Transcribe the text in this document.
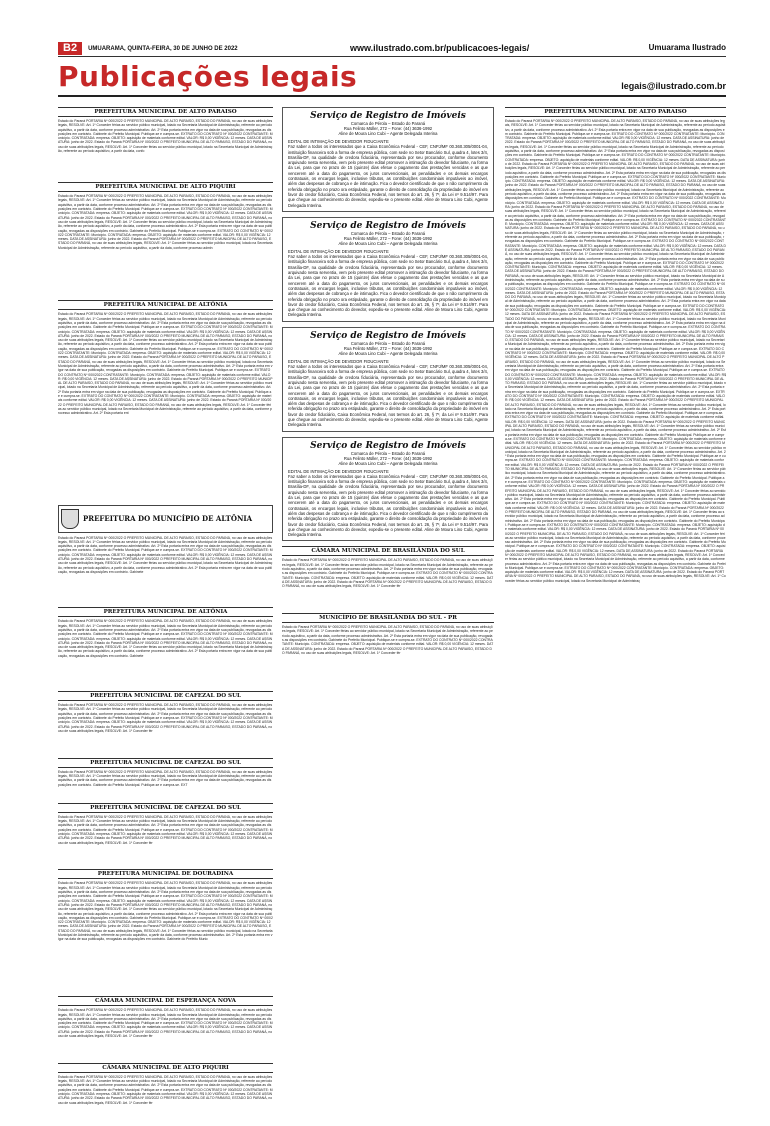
B2	UMUARAMA, QUINTA-FEIRA, 30 DE JUNHO DE 2022	www.ilustrado.com.br/publicacoes-legais/	Umuarama Ilustrado
Publicações legais	legais@ilustrado.com.br
PREFEITURA MUNICIPAL DE ALTO PARAISO
Estado do Paraná PORTARIA Nº 000/2022 O PREFEITO MUNICIPAL DE ALTO PARAISO, ESTADO DO PARANÁ, no uso de suas atribuições legais, RESOLVE: Art. 1º Conceder férias ao servidor público municipal, lotado na Secretaria Municipal de Administração, referente ao período aquisitivo, a partir da data, conforme processo administrativo. Art. 2º Esta portaria entra em vigor na data de sua publicação, revogadas as disposições em contrário. Gabinete do Prefeito Municipal. Publique-se e cumpra-se. EXTRATO DO CONTRATO Nº 000/2022 CONTRATANTE: Município. CONTRATADA: empresa. OBJETO: aquisição de materiais conforme edital. VALOR: R$ 0,00 VIGÊNCIA: 12 meses. DATA DE ASSINATURA: junho de 2022. Estado do Paraná PORTARIA Nº 000/2022 O PREFEITO MUNICIPAL DE ALTO PARAISO, ESTADO DO PARANÁ, no uso de suas atribuições legais, RESOLVE: Art. 1º Conceder férias ao servidor público municipal, lotado na Secretaria Municipal de Administração, referente ao período aquisitivo, a partir da data, confo
PREFEITURA MUNICIPAL DE ALTO PIQUIRI
Estado do Paraná PORTARIA Nº 000/2022 O PREFEITO MUNICIPAL DE ALTO PARAISO, ESTADO DO PARANÁ, no uso de suas atribuições legais, RESOLVE: Art. 1º Conceder férias ao servidor público municipal, lotado na Secretaria Municipal de Administração, referente ao período aquisitivo, a partir da data, conforme processo administrativo. Art. 2º Esta portaria entra em vigor na data de sua publicação, revogadas as disposições em contrário. Gabinete do Prefeito Municipal. Publique-se e cumpra-se. EXTRATO DO CONTRATO Nº 000/2022 CONTRATANTE: Município. CONTRATADA: empresa. OBJETO: aquisição de materiais conforme edital. VALOR: R$ 0,00 VIGÊNCIA: 12 meses. DATA DE ASSINATURA: junho de 2022. Estado do Paraná PORTARIA Nº 000/2022 O PREFEITO MUNICIPAL DE ALTO PARAISO, ESTADO DO PARANÁ, no uso de suas atribuições legais, RESOLVE: Art. 1º Conceder férias ao servidor público municipal, lotado na Secretaria Municipal de Administração, referente ao período aquisitivo, a partir da data, conforme processo administrativo. Art. 2º Esta portaria entra em vigor na data de sua publicação, revogadas as disposições em contrário. Gabinete do Prefeito Municipal. Publique-se e cumpra-se. EXTRATO DO CONTRATO Nº 000/2022 CONTRATANTE: Município. CONTRATADA: empresa. OBJETO: aquisição de materiais conforme edital. VALOR: R$ 0,00 VIGÊNCIA: 12 meses. DATA DE ASSINATURA: junho de 2022. Estado do Paraná PORTARIA Nº 000/2022 O PREFEITO MUNICIPAL DE ALTO PARAISO, ESTADO DO PARANÁ, no uso de suas atribuições legais, RESOLVE: Art. 1º Conceder férias ao servidor público municipal, lotado na Secretaria Municipal de Administração, referente ao período aquisitivo, a partir da data, conforme processo admin
PREFEITURA MUNICIPAL DE ALTÔNIA
Estado do Paraná PORTARIA Nº 000/2022 O PREFEITO MUNICIPAL DE ALTO PARAISO, ESTADO DO PARANÁ, no uso de suas atribuições legais, RESOLVE: Art. 1º Conceder férias ao servidor público municipal, lotado na Secretaria Municipal de Administração, referente ao período aquisitivo, a partir da data, conforme processo administrativo. Art. 2º Esta portaria entra em vigor na data de sua publicação, revogadas as disposições em contrário. Gabinete do Prefeito Municipal. Publique-se e cumpra-se. EXTRATO DO CONTRATO Nº 000/2022 CONTRATANTE: Município. CONTRATADA: empresa. OBJETO: aquisição de materiais conforme edital. VALOR: R$ 0,00 VIGÊNCIA: 12 meses. DATA DE ASSINATURA: junho de 2022. Estado do Paraná PORTARIA Nº 000/2022 O PREFEITO MUNICIPAL DE ALTO PARAISO, ESTADO DO PARANÁ, no uso de suas atribuições legais, RESOLVE: Art. 1º Conceder férias ao servidor público municipal, lotado na Secretaria Municipal de Administração, referente ao período aquisitivo, a partir da data, conforme processo administrativo. Art. 2º Esta portaria entra em vigor na data de sua publicação, revogadas as disposições em contrário. Gabinete do Prefeito Municipal. Publique-se e cumpra-se. EXTRATO DO CONTRATO Nº 000/2022 CONTRATANTE: Município. CONTRATADA: empresa. OBJETO: aquisição de materiais conforme edital. VALOR: R$ 0,00 VIGÊNCIA: 12 meses. DATA DE ASSINATURA: junho de 2022. Estado do Paraná PORTARIA Nº 000/2022 O PREFEITO MUNICIPAL DE ALTO PARAISO, ESTADO DO PARANÁ, no uso de suas atribuições legais, RESOLVE: Art. 1º Conceder férias ao servidor público municipal, lotado na Secretaria Municipal de Administração, referente ao período aquisitivo, a partir da data, conforme processo administrativo. Art. 2º Esta portaria entra em vigor na data de sua publicação, revogadas as disposições em contrário. Gabinete do Prefeito Municipal. Publique-se e cumpra-se. EXTRATO DO CONTRATO Nº 000/2022 CONTRATANTE: Município. CONTRATADA: empresa. OBJETO: aquisição de materiais conforme edital. VALOR: R$ 0,00 VIGÊNCIA: 12 meses. DATA DE ASSINATURA: junho de 2022. Estado do Paraná PORTARIA Nº 000/2022 O PREFEITO MUNICIPAL DE ALTO PARAISO, ESTADO DO PARANÁ, no uso de suas atribuições legais, RESOLVE: Art. 1º Conceder férias ao servidor público municipal, lotado na Secretaria Municipal de Administração, referente ao período aquisitivo, a partir da data, conforme processo administrativo. Art. 2º Esta portaria entra em vigor na data de sua publicação, revogadas as disposições em contrário. Gabinete do Prefeito Municipal. Publique-se e cumpra-se. EXTRATO DO CONTRATO Nº 000/2022 CONTRATANTE: Município. CONTRATADA: empresa. OBJETO: aquisição de materiais conforme edital. VALOR: R$ 0,00 VIGÊNCIA: 12 meses. DATA DE ASSINATURA: junho de 2022. Estado do Paraná PORTARIA Nº 000/2022 O PREFEITO MUNICIPAL DE ALTO PARAISO, ESTADO DO PARANÁ, no uso de suas atribuições legais, RESOLVE: Art. 1º Conceder férias ao servidor público municipal, lotado na Secretaria Municipal de Administração, referente ao período aquisitivo, a partir da data, conforme processo administrativo. Art. 2º Esta portaria ent
PREFEITURA DO MUNICÍPIO DE ALTÔNIA
Estado do Paraná PORTARIA Nº 000/2022 O PREFEITO MUNICIPAL DE ALTO PARAISO, ESTADO DO PARANÁ, no uso de suas atribuições legais, RESOLVE: Art. 1º Conceder férias ao servidor público municipal, lotado na Secretaria Municipal de Administração, referente ao período aquisitivo, a partir da data, conforme processo administrativo. Art. 2º Esta portaria entra em vigor na data de sua publicação, revogadas as disposições em contrário. Gabinete do Prefeito Municipal. Publique-se e cumpra-se. EXTRATO DO CONTRATO Nº 000/2022 CONTRATANTE: Município. CONTRATADA: empresa. OBJETO: aquisição de materiais conforme edital. VALOR: R$ 0,00 VIGÊNCIA: 12 meses. DATA DE ASSINATURA: junho de 2022. Estado do Paraná PORTARIA Nº 000/2022 O PREFEITO MUNICIPAL DE ALTO PARAISO, ESTADO DO PARANÁ, no uso de suas atribuições legais, RESOLVE: Art. 1º Conceder férias ao servidor público municipal, lotado na Secretaria Municipal de Administração, referente ao período aquisitivo, a partir da data, conforme processo administrativo. Art. 2º Esta portaria entra em vigor na data de sua publicação, revogadas as disposições em contrário. Gabinete
PREFEITURA MUNICIPAL DE ALTÔNIA
Estado do Paraná PORTARIA Nº 000/2022 O PREFEITO MUNICIPAL DE ALTO PARAISO, ESTADO DO PARANÁ, no uso de suas atribuições legais, RESOLVE: Art. 1º Conceder férias ao servidor público municipal, lotado na Secretaria Municipal de Administração, referente ao período aquisitivo, a partir da data, conforme processo administrativo. Art. 2º Esta portaria entra em vigor na data de sua publicação, revogadas as disposições em contrário. Gabinete do Prefeito Municipal. Publique-se e cumpra-se. EXTRATO DO CONTRATO Nº 000/2022 CONTRATANTE: Município. CONTRATADA: empresa. OBJETO: aquisição de materiais conforme edital. VALOR: R$ 0,00 VIGÊNCIA: 12 meses. DATA DE ASSINATURA: junho de 2022. Estado do Paraná PORTARIA Nº 000/2022 O PREFEITO MUNICIPAL DE ALTO PARAISO, ESTADO DO PARANÁ, no uso de suas atribuições legais, RESOLVE: Art. 1º Conceder férias ao servidor público municipal, lotado na Secretaria Municipal de Administração, referente ao período aquisitivo, a partir da data, conforme processo administrativo. Art. 2º Esta portaria entra em vigor na data de sua publicação, revogadas as disposições em contrário. Gabinete
PREFEITURA MUNICIPAL DE CAFEZAL DO SUL
Estado do Paraná PORTARIA Nº 000/2022 O PREFEITO MUNICIPAL DE ALTO PARAISO, ESTADO DO PARANÁ, no uso de suas atribuições legais, RESOLVE: Art. 1º Conceder férias ao servidor público municipal, lotado na Secretaria Municipal de Administração, referente ao período aquisitivo, a partir da data, conforme processo administrativo. Art. 2º Esta portaria entra em vigor na data de sua publicação, revogadas as disposições em contrário. Gabinete do Prefeito Municipal. Publique-se e cumpra-se. EXTRATO DO CONTRATO Nº 000/2022 CONTRATANTE: Município. CONTRATADA: empresa. OBJETO: aquisição de materiais conforme edital. VALOR: R$ 0,00 VIGÊNCIA: 12 meses. DATA DE ASSINATURA: junho de 2022. Estado do Paraná PORTARIA Nº 000/2022 O PREFEITO MUNICIPAL DE ALTO PARAISO, ESTADO DO PARANÁ, no uso de suas atribuições legais, RESOLVE: Art. 1º Conceder fér
PREFEITURA MUNICIPAL DE CAFEZAL DO SUL
Estado do Paraná PORTARIA Nº 000/2022 O PREFEITO MUNICIPAL DE ALTO PARAISO, ESTADO DO PARANÁ, no uso de suas atribuições legais, RESOLVE: Art. 1º Conceder férias ao servidor público municipal, lotado na Secretaria Municipal de Administração, referente ao período aquisitivo, a partir da data, conforme processo administrativo. Art. 2º Esta portaria entra em vigor na data de sua publicação, revogadas as disposições em contrário. Gabinete do Prefeito Municipal. Publique-se e cumpra-se. EXT
PREFEITURA MUNICIPAL DE CAFEZAL DO SUL
Estado do Paraná PORTARIA Nº 000/2022 O PREFEITO MUNICIPAL DE ALTO PARAISO, ESTADO DO PARANÁ, no uso de suas atribuições legais, RESOLVE: Art. 1º Conceder férias ao servidor público municipal, lotado na Secretaria Municipal de Administração, referente ao período aquisitivo, a partir da data, conforme processo administrativo. Art. 2º Esta portaria entra em vigor na data de sua publicação, revogadas as disposições em contrário. Gabinete do Prefeito Municipal. Publique-se e cumpra-se. EXTRATO DO CONTRATO Nº 000/2022 CONTRATANTE: Município. CONTRATADA: empresa. OBJETO: aquisição de materiais conforme edital. VALOR: R$ 0,00 VIGÊNCIA: 12 meses. DATA DE ASSINATURA: junho de 2022. Estado do Paraná PORTARIA Nº 000/2022 O PREFEITO MUNICIPAL DE ALTO PARAISO, ESTADO DO PARANÁ, no uso de suas atribuições legais, RESOLVE: Art. 1º Conceder fér
PREFEITURA MUNICIPAL DE DOURADINA
Estado do Paraná PORTARIA Nº 000/2022 O PREFEITO MUNICIPAL DE ALTO PARAISO, ESTADO DO PARANÁ, no uso de suas atribuições legais, RESOLVE: Art. 1º Conceder férias ao servidor público municipal, lotado na Secretaria Municipal de Administração, referente ao período aquisitivo, a partir da data, conforme processo administrativo. Art. 2º Esta portaria entra em vigor na data de sua publicação, revogadas as disposições em contrário. Gabinete do Prefeito Municipal. Publique-se e cumpra-se. EXTRATO DO CONTRATO Nº 000/2022 CONTRATANTE: Município. CONTRATADA: empresa. OBJETO: aquisição de materiais conforme edital. VALOR: R$ 0,00 VIGÊNCIA: 12 meses. DATA DE ASSINATURA: junho de 2022. Estado do Paraná PORTARIA Nº 000/2022 O PREFEITO MUNICIPAL DE ALTO PARAISO, ESTADO DO PARANÁ, no uso de suas atribuições legais, RESOLVE: Art. 1º Conceder férias ao servidor público municipal, lotado na Secretaria Municipal de Administração, referente ao período aquisitivo, a partir da data, conforme processo administrativo. Art. 2º Esta portaria entra em vigor na data de sua publicação, revogadas as disposições em contrário. Gabinete do Prefeito Municipal. Publique-se e cumpra-se. EXTRATO DO CONTRATO Nº 000/2022 CONTRATANTE: Município. CONTRATADA: empresa. OBJETO: aquisição de materiais conforme edital. VALOR: R$ 0,00 VIGÊNCIA: 12 meses. DATA DE ASSINATURA: junho de 2022. Estado do Paraná PORTARIA Nº 000/2022 O PREFEITO MUNICIPAL DE ALTO PARAISO, ESTADO DO PARANÁ, no uso de suas atribuições legais, RESOLVE: Art. 1º Conceder férias ao servidor público municipal, lotado na Secretaria Municipal de Administração, referente ao período aquisitivo, a partir da data, conforme processo administrativo. Art. 2º Esta portaria entra em vigor na data de sua publicação, revogadas as disposições em contrário. Gabinete do Prefeito Munic
CÂMARA MUNICIPAL DE ESPERANÇA NOVA
Estado do Paraná PORTARIA Nº 000/2022 O PREFEITO MUNICIPAL DE ALTO PARAISO, ESTADO DO PARANÁ, no uso de suas atribuições legais, RESOLVE: Art. 1º Conceder férias ao servidor público municipal, lotado na Secretaria Municipal de Administração, referente ao período aquisitivo, a partir da data, conforme processo administrativo. Art. 2º Esta portaria entra em vigor na data de sua publicação, revogadas as disposições em contrário. Gabinete do Prefeito Municipal. Publique-se e cumpra-se. EXTRATO DO CONTRATO Nº 000/2022 CONTRATANTE: Município. CONTRATADA: empresa. OBJETO: aquisição de materiais conforme edital. VALOR: R$ 0,00 VIGÊNCIA: 12 meses. DATA DE ASSINATURA: junho de 2022. Estado do Paraná PORTARIA Nº 000/2022 O PREFEITO MUNICIPAL DE ALTO PARAISO, ESTADO DO PARANÁ, no uso de suas atribuições legais, RESOLVE: Art. 1º Conceder fér
CÂMARA MUNICIPAL DE ALTO PIQUIRI
Estado do Paraná PORTARIA Nº 000/2022 O PREFEITO MUNICIPAL DE ALTO PARAISO, ESTADO DO PARANÁ, no uso de suas atribuições legais, RESOLVE: Art. 1º Conceder férias ao servidor público municipal, lotado na Secretaria Municipal de Administração, referente ao período aquisitivo, a partir da data, conforme processo administrativo. Art. 2º Esta portaria entra em vigor na data de sua publicação, revogadas as disposições em contrário. Gabinete do Prefeito Municipal. Publique-se e cumpra-se. EXTRATO DO CONTRATO Nº 000/2022 CONTRATANTE: Município. CONTRATADA: empresa. OBJETO: aquisição de materiais conforme edital. VALOR: R$ 0,00 VIGÊNCIA: 12 meses. DATA DE ASSINATURA: junho de 2022. Estado do Paraná PORTARIA Nº 000/2022 O PREFEITO MUNICIPAL DE ALTO PARAISO, ESTADO DO PARANÁ, no uso de suas atribuições legais, RESOLVE: Art. 1º Conceder fér
Serviço de Registro de Imóveis
Comarca de Pérola – Estado do Paraná
Rua Felinto Müller, 272 – Fone: (44) 3636-1992
Aline de Moura Lino Cubi – Agente Delegada Interina
EDITAL DE INTIMAÇÃO DE DEVEDOR FIDUCIANTE
Faz saber a todos os interessados que a Caixa Econômica Federal - CEF, CNPJ/MF 00.360.305/0001-04, instituição financeira sob a forma de empresa pública, com sede no Setor Bancário Sul, quadra 4, lotes 3/4, Brasília-DF, na qualidade de credora fiduciária, representada por seu procurador, conforme documento arquivado nesta serventia, vem pelo presente edital promover a intimação do devedor fiduciante, na forma da Lei, para que no prazo de 15 (quinze) dias efetue o pagamento das prestações vencidas e as que vencerem até a data do pagamento, os juros convencionais, as penalidades e os demais encargos contratuais, os encargos legais, inclusive tributos, as contribuições condominiais imputáveis ao imóvel, além das despesas de cobrança e de intimação. Fica o devedor cientificado de que o não cumprimento da referida obrigação no prazo ora estipulado, garante o direito de consolidação da propriedade do imóvel em favor do credor fiduciário, Caixa Econômica Federal, nos termos do art. 26, § 7º, da Lei nº 9.514/97. Para que chegue ao conhecimento do devedor, expediu-se o presente edital. Aline de Moura Lino Cubi, Agente Delegada Interina.
Serviço de Registro de Imóveis
Comarca de Pérola – Estado do Paraná
Rua Felinto Müller, 272 – Fone: (44) 3636-1992
Aline de Moura Lino Cubi – Agente Delegada Interina
EDITAL DE INTIMAÇÃO DE DEVEDOR FIDUCIANTE
Faz saber a todos os interessados que a Caixa Econômica Federal - CEF, CNPJ/MF 00.360.305/0001-04, instituição financeira sob a forma de empresa pública, com sede no Setor Bancário Sul, quadra 4, lotes 3/4, Brasília-DF, na qualidade de credora fiduciária, representada por seu procurador, conforme documento arquivado nesta serventia, vem pelo presente edital promover a intimação do devedor fiduciante, na forma da Lei, para que no prazo de 15 (quinze) dias efetue o pagamento das prestações vencidas e as que vencerem até a data do pagamento, os juros convencionais, as penalidades e os demais encargos contratuais, os encargos legais, inclusive tributos, as contribuições condominiais imputáveis ao imóvel, além das despesas de cobrança e de intimação. Fica o devedor cientificado de que o não cumprimento da referida obrigação no prazo ora estipulado, garante o direito de consolidação da propriedade do imóvel em favor do credor fiduciário, Caixa Econômica Federal, nos termos do art. 26, § 7º, da Lei nº 9.514/97. Para que chegue ao conhecimento do devedor, expediu-se o presente edital. Aline de Moura Lino Cubi, Agente Delegada Interina.
Serviço de Registro de Imóveis
Comarca de Pérola – Estado do Paraná
Rua Felinto Müller, 272 – Fone: (44) 3636-1992
Aline de Moura Lino Cubi – Agente Delegada Interina
EDITAL DE INTIMAÇÃO DE DEVEDOR FIDUCIANTE
Faz saber a todos os interessados que a Caixa Econômica Federal - CEF, CNPJ/MF 00.360.305/0001-04, instituição financeira sob a forma de empresa pública, com sede no Setor Bancário Sul, quadra 4, lotes 3/4, Brasília-DF, na qualidade de credora fiduciária, representada por seu procurador, conforme documento arquivado nesta serventia, vem pelo presente edital promover a intimação do devedor fiduciante, na forma da Lei, para que no prazo de 15 (quinze) dias efetue o pagamento das prestações vencidas e as que vencerem até a data do pagamento, os juros convencionais, as penalidades e os demais encargos contratuais, os encargos legais, inclusive tributos, as contribuições condominiais imputáveis ao imóvel, além das despesas de cobrança e de intimação. Fica o devedor cientificado de que o não cumprimento da referida obrigação no prazo ora estipulado, garante o direito de consolidação da propriedade do imóvel em favor do credor fiduciário, Caixa Econômica Federal, nos termos do art. 26, § 7º, da Lei nº 9.514/97. Para que chegue ao conhecimento do devedor, expediu-se o presente edital. Aline de Moura Lino Cubi, Agente Delegada Interina.
Serviço de Registro de Imóveis
Comarca de Pérola – Estado do Paraná
Rua Felinto Müller, 272 – Fone: (44) 3636-1992
Aline de Moura Lino Cubi – Agente Delegada Interina
EDITAL DE INTIMAÇÃO DE DEVEDOR FIDUCIANTE
Faz saber a todos os interessados que a Caixa Econômica Federal - CEF, CNPJ/MF 00.360.305/0001-04, instituição financeira sob a forma de empresa pública, com sede no Setor Bancário Sul, quadra 4, lotes 3/4, Brasília-DF, na qualidade de credora fiduciária, representada por seu procurador, conforme documento arquivado nesta serventia, vem pelo presente edital promover a intimação do devedor fiduciante, na forma da Lei, para que no prazo de 15 (quinze) dias efetue o pagamento das prestações vencidas e as que vencerem até a data do pagamento, os juros convencionais, as penalidades e os demais encargos contratuais, os encargos legais, inclusive tributos, as contribuições condominiais imputáveis ao imóvel, além das despesas de cobrança e de intimação. Fica o devedor cientificado de que o não cumprimento da referida obrigação no prazo ora estipulado, garante o direito de consolidação da propriedade do imóvel em favor do credor fiduciário, Caixa Econômica Federal, nos termos do art. 26, § 7º, da Lei nº 9.514/97. Para que chegue ao conhecimento do devedor, expediu-se o presente edital. Aline de Moura Lino Cubi, Agente Delegada Interina.
CÂMARA MUNICIPAL DE BRASILÂNDIA DO SUL
Estado do Paraná PORTARIA Nº 000/2022 O PREFEITO MUNICIPAL DE ALTO PARAISO, ESTADO DO PARANÁ, no uso de suas atribuições legais, RESOLVE: Art. 1º Conceder férias ao servidor público municipal, lotado na Secretaria Municipal de Administração, referente ao período aquisitivo, a partir da data, conforme processo administrativo. Art. 2º Esta portaria entra em vigor na data de sua publicação, revogadas as disposições em contrário. Gabinete do Prefeito Municipal. Publique-se e cumpra-se. EXTRATO DO CONTRATO Nº 000/2022 CONTRATANTE: Município. CONTRATADA: empresa. OBJETO: aquisição de materiais conforme edital. VALOR: R$ 0,00 VIGÊNCIA: 12 meses. DATA DE ASSINATURA: junho de 2022. Estado do Paraná PORTARIA Nº 000/2022 O PREFEITO MUNICIPAL DE ALTO PARAISO, ESTADO DO PARANÁ, no uso de suas atribuições legais, RESOLVE: Art. 1º Conceder fér
MUNICÍPIO DE BRASILÂNDIA DO SUL - PR
Estado do Paraná PORTARIA Nº 000/2022 O PREFEITO MUNICIPAL DE ALTO PARAISO, ESTADO DO PARANÁ, no uso de suas atribuições legais, RESOLVE: Art. 1º Conceder férias ao servidor público municipal, lotado na Secretaria Municipal de Administração, referente ao período aquisitivo, a partir da data, conforme processo administrativo. Art. 2º Esta portaria entra em vigor na data de sua publicação, revogadas as disposições em contrário. Gabinete do Prefeito Municipal. Publique-se e cumpra-se. EXTRATO DO CONTRATO Nº 000/2022 CONTRATANTE: Município. CONTRATADA: empresa. OBJETO: aquisição de materiais conforme edital. VALOR: R$ 0,00 VIGÊNCIA: 12 meses. DATA DE ASSINATURA: junho de 2022. Estado do Paraná PORTARIA Nº 000/2022 O PREFEITO MUNICIPAL DE ALTO PARAISO, ESTADO DO PARANÁ, no uso de suas atribuições legais, RESOLVE: Art. 1º Conceder fér
PREFEITURA MUNICIPAL DE ALTO PARAISO
Estado do Paraná PORTARIA Nº 000/2022 O PREFEITO MUNICIPAL DE ALTO PARAISO, ESTADO DO PARANÁ, no uso de suas atribuições legais, RESOLVE: Art. 1º Conceder férias ao servidor público municipal, lotado na Secretaria Municipal de Administração, referente ao período aquisitivo, a partir da data, conforme processo administrativo. Art. 2º Esta portaria entra em vigor na data de sua publicação, revogadas as disposições em contrário. Gabinete do Prefeito Municipal. Publique-se e cumpra-se. EXTRATO DO CONTRATO Nº 000/2022 CONTRATANTE: Município. CONTRATADA: empresa. OBJETO: aquisição de materiais conforme edital. VALOR: R$ 0,00 VIGÊNCIA: 12 meses. DATA DE ASSINATURA: junho de 2022. Estado do Paraná PORTARIA Nº 000/2022 O PREFEITO MUNICIPAL DE ALTO PARAISO, ESTADO DO PARANÁ, no uso de suas atribuições legais, RESOLVE: Art. 1º Conceder férias ao servidor público municipal, lotado na Secretaria Municipal de Administração, referente ao período aquisitivo, a partir da data, conforme processo administrativo. Art. 2º Esta portaria entra em vigor na data de sua publicação, revogadas as disposições em contrário. Gabinete do Prefeito Municipal. Publique-se e cumpra-se. EXTRATO DO CONTRATO Nº 000/2022 CONTRATANTE: Município. CONTRATADA: empresa. OBJETO: aquisição de materiais conforme edital. VALOR: R$ 0,00 VIGÊNCIA: 12 meses. DATA DE ASSINATURA: junho de 2022. Estado do Paraná PORTARIA Nº 000/2022 O PREFEITO MUNICIPAL DE ALTO PARAISO, ESTADO DO PARANÁ, no uso de suas atribuições legais, RESOLVE: Art. 1º Conceder férias ao servidor público municipal, lotado na Secretaria Municipal de Administração, referente ao período aquisitivo, a partir da data, conforme processo administrativo. Art. 2º Esta portaria entra em vigor na data de sua publicação, revogadas as disposições em contrário. Gabinete do Prefeito Municipal. Publique-se e cumpra-se. EXTRATO DO CONTRATO Nº 000/2022 CONTRATANTE: Município. CONTRATADA: empresa. OBJETO: aquisição de materiais conforme edital. VALOR: R$ 0,00 VIGÊNCIA: 12 meses. DATA DE ASSINATURA: junho de 2022. Estado do Paraná PORTARIA Nº 000/2022 O PREFEITO MUNICIPAL DE ALTO PARAISO, ESTADO DO PARANÁ, no uso de suas atribuições legais, RESOLVE: Art. 1º Conceder férias ao servidor público municipal, lotado na Secretaria Municipal de Administração, referente ao período aquisitivo, a partir da data, conforme processo administrativo. Art. 2º Esta portaria entra em vigor na data de sua publicação, revogadas as disposições em contrário. Gabinete do Prefeito Municipal. Publique-se e cumpra-se. EXTRATO DO CONTRATO Nº 000/2022 CONTRATANTE: Município. CONTRATADA: empresa. OBJETO: aquisição de materiais conforme edital. VALOR: R$ 0,00 VIGÊNCIA: 12 meses. DATA DE ASSINATURA: junho de 2022. Estado do Paraná PORTARIA Nº 000/2022 O PREFEITO MUNICIPAL DE ALTO PARAISO, ESTADO DO PARANÁ, no uso de suas atribuições legais, RESOLVE: Art. 1º Conceder férias ao servidor público municipal, lotado na Secretaria Municipal de Administração, referente ao período aquisitivo, a partir da data, conforme processo administrativo. Art. 2º Esta portaria entra em vigor na data de sua publicação, revogadas as disposições em contrário. Gabinete do Prefeito Municipal. Publique-se e cumpra-se. EXTRATO DO CONTRATO Nº 000/2022 CONTRATANTE: Município. CONTRATADA: empresa. OBJETO: aquisição de materiais conforme edital. VALOR: R$ 0,00 VIGÊNCIA: 12 meses. DATA DE ASSINATURA: junho de 2022. Estado do Paraná PORTARIA Nº 000/2022 O PREFEITO MUNICIPAL DE ALTO PARAISO, ESTADO DO PARANÁ, no uso de suas atribuições legais, RESOLVE: Art. 1º Conceder férias ao servidor público municipal, lotado na Secretaria Municipal de Administração, referente ao período aquisitivo, a partir da data, conforme processo administrativo. Art. 2º Esta portaria entra em vigor na data de sua publicação, revogadas as disposições em contrário. Gabinete do Prefeito Municipal. Publique-se e cumpra-se. EXTRATO DO CONTRATO Nº 000/2022 CONTRATANTE: Município. CONTRATADA: empresa. OBJETO: aquisição de materiais conforme edital. VALOR: R$ 0,00 VIGÊNCIA: 12 meses. DATA DE ASSINATURA: junho de 2022. Estado do Paraná PORTARIA Nº 000/2022 O PREFEITO MUNICIPAL DE ALTO PARAISO, ESTADO DO PARANÁ, no uso de suas atribuições legais, RESOLVE: Art. 1º Conceder férias ao servidor público municipal, lotado na Secretaria Municipal de Administração, referente ao período aquisitivo, a partir da data, conforme processo administrativo. Art. 2º Esta portaria entra em vigor na data de sua publicação, revogadas as disposições em contrário. Gabinete do Prefeito Municipal. Publique-se e cumpra-se. EXTRATO DO CONTRATO Nº 000/2022 CONTRATANTE: Município. CONTRATADA: empresa. OBJETO: aquisição de materiais conforme edital. VALOR: R$ 0,00 VIGÊNCIA: 12 meses. DATA DE ASSINATURA: junho de 2022. Estado do Paraná PORTARIA Nº 000/2022 O PREFEITO MUNICIPAL DE ALTO PARAISO, ESTADO DO PARANÁ, no uso de suas atribuições legais, RESOLVE: Art. 1º Conceder férias ao servidor público municipal, lotado na Secretaria Municipal de Administração, referente ao período aquisitivo, a partir da data, conforme processo administrativo. Art. 2º Esta portaria entra em vigor na data de sua publicação, revogadas as disposições em contrário. Gabinete do Prefeito Municipal. Publique-se e cumpra-se. EXTRATO DO CONTRATO Nº 000/2022 CONTRATANTE: Município. CONTRATADA: empresa. OBJETO: aquisição de materiais conforme edital. VALOR: R$ 0,00 VIGÊNCIA: 12 meses. DATA DE ASSINATURA: junho de 2022. Estado do Paraná PORTARIA Nº 000/2022 O PREFEITO MUNICIPAL DE ALTO PARAISO, ESTADO DO PARANÁ, no uso de suas atribuições legais, RESOLVE: Art. 1º Conceder férias ao servidor público municipal, lotado na Secretaria Municipal de Administração, referente ao período aquisitivo, a partir da data, conforme processo administrativo. Art. 2º Esta portaria entra em vigor na data de sua publicação, revogadas as disposições em contrário. Gabinete do Prefeito Municipal. Publique-se e cumpra-se. EXTRATO DO CONTRATO Nº 000/2022 CONTRATANTE: Município. CONTRATADA: empresa. OBJETO: aquisição de materiais conforme edital. VALOR: R$ 0,00 VIGÊNCIA: 12 meses. DATA DE ASSINATURA: junho de 2022. Estado do Paraná PORTARIA Nº 000/2022 O PREFEITO MUNICIPAL DE ALTO PARAISO, ESTADO DO PARANÁ, no uso de suas atribuições legais, RESOLVE: Art. 1º Conceder férias ao servidor público municipal, lotado na Secretaria Municipal de Administração, referente ao período aquisitivo, a partir da data, conforme processo administrativo. Art. 2º Esta portaria entra em vigor na data de sua publicação, revogadas as disposições em contrário. Gabinete do Prefeito Municipal. Publique-se e cumpra-se. EXTRATO DO CONTRATO Nº 000/2022 CONTRATANTE: Município. CONTRATADA: empresa. OBJETO: aquisição de materiais conforme edital. VALOR: R$ 0,00 VIGÊNCIA: 12 meses. DATA DE ASSINATURA: junho de 2022. Estado do Paraná PORTARIA Nº 000/2022 O PREFEITO MUNICIPAL DE ALTO PARAISO, ESTADO DO PARANÁ, no uso de suas atribuições legais, RESOLVE: Art. 1º Conceder férias ao servidor público municipal, lotado na Secretaria Municipal de Administração, referente ao período aquisitivo, a partir da data, conforme processo administrativo. Art. 2º Esta portaria entra em vigor na data de sua publicação, revogadas as disposições em contrário. Gabinete do Prefeito Municipal. Publique-se e cumpra-se. EXTRATO DO CONTRATO Nº 000/2022 CONTRATANTE: Município. CONTRATADA: empresa. OBJETO: aquisição de materiais conforme edital. VALOR: R$ 0,00 VIGÊNCIA: 12 meses. DATA DE ASSINATURA: junho de 2022. Estado do Paraná PORTARIA Nº 000/2022 O PREFEITO MUNICIPAL DE ALTO PARAISO, ESTADO DO PARANÁ, no uso de suas atribuições legais, RESOLVE: Art. 1º Conceder férias ao servidor público municipal, lotado na Secretaria Municipal de Administração, referente ao período aquisitivo, a partir da data, conforme processo administrativo. Art. 2º Esta portaria entra em vigor na data de sua publicação, revogadas as disposições em contrário. Gabinete do Prefeito Municipal. Publique-se e cumpra-se. EXTRATO DO CONTRATO Nº 000/2022 CONTRATANTE: Município. CONTRATADA: empresa. OBJETO: aquisição de materiais conforme edital. VALOR: R$ 0,00 VIGÊNCIA: 12 meses. DATA DE ASSINATURA: junho de 2022. Estado do Paraná PORTARIA Nº 000/2022 O PREFEITO MUNICIPAL DE ALTO PARAISO, ESTADO DO PARANÁ, no uso de suas atribuições legais, RESOLVE: Art. 1º Conceder férias ao servidor público municipal, lotado na Secretaria Municipal de Administração, referente ao período aquisitivo, a partir da data, conforme processo administrativo. Art. 2º Esta portaria entra em vigor na data de sua publicação, revogadas as disposições em contrário. Gabinete do Prefeito Municipal. Publique-se e cumpra-se. EXTRATO DO CONTRATO Nº 000/2022 CONTRATANTE: Município. CONTRATADA: empresa. OBJETO: aquisição de materiais conforme edital. VALOR: R$ 0,00 VIGÊNCIA: 12 meses. DATA DE ASSINATURA: junho de 2022. Estado do Paraná PORTARIA Nº 000/2022 O PREFEITO MUNICIPAL DE ALTO PARAISO, ESTADO DO PARANÁ, no uso de suas atribuições legais, RESOLVE: Art. 1º Conceder férias ao servidor público municipal, lotado na Secretaria Municipal de Administração, referente ao período aquisitivo, a partir da data, conforme processo administrativo. Art. 2º Esta portaria entra em vigor na data de sua publicação, revogadas as disposições em contrário. Gabinete do Prefeito Municipal. Publique-se e cumpra-se. EXTRATO DO CONTRATO Nº 000/2022 CONTRATANTE: Município. CONTRATADA: empresa. OBJETO: aquisição de materiais conforme edital. VALOR: R$ 0,00 VIGÊNCIA: 12 meses. DATA DE ASSINATURA: junho de 2022. Estado do Paraná PORTARIA Nº 000/2022 O PREFEITO MUNICIPAL DE ALTO PARAISO, ESTADO DO PARANÁ, no uso de suas atribuições legais, RESOLVE: Art. 1º Conceder férias ao servidor público municipal, lotado na Secretaria Municipal de Administração, referente ao período aquisitivo, a partir da data, conforme processo administrativo. Art. 2º Esta portaria entra em vigor na data de sua publicação, revogadas as disposições em contrário. Gabinete do Prefeito Municipal. Publique-se e cumpra-se. EXTRATO DO CONTRATO Nº 000/2022 CONTRATANTE: Município. CONTRATADA: empresa. OBJETO: aquisição de materiais conforme edital. VALOR: R$ 0,00 VIGÊNCIA: 12 meses. DATA DE ASSINATURA: junho de 2022. Estado do Paraná PORTARIA Nº 000/2022 O PREFEITO MUNICIPAL DE ALTO PARAISO, ESTADO DO PARANÁ, no uso de suas atribuições legais, RESOLVE: Art. 1º Conceder férias ao servidor público municipal, lotado na Secretaria Municipal de Administração, referente ao período aquisitivo, a partir da data, conforme processo administrativo. Art. 2º Esta portaria entra em vigor na data de sua publicação, revogadas as disposições em contrário. Gabinete do Prefeito Municipal. Publique-se e cumpra-se. EXTRATO DO CONTRATO Nº 000/2022 CONTRATANTE: Município. CONTRATADA: empresa. OBJETO: aquisição de materiais conforme edital. VALOR: R$ 0,00 VIGÊNCIA: 12 meses. DATA DE ASSINATURA: junho de 2022. Estado do Paraná PORTARIA Nº 000/2022 O PREFEITO MUNICIPAL DE ALTO PARAISO, ESTADO DO PARANÁ, no uso de suas atribuições legais, RESOLVE: Art. 1º Conceder férias ao servidor público municipal, lotado na Secretaria Municipal de Administração, referente ao período aquisitivo, a partir da data, conforme processo administrativo. Art. 2º Esta portaria entra em vigor na data de sua publicação, revogadas as disposições em contrário. Gabinete do Prefeito Municipal. Publique-se e cumpra-se. EXTRATO DO CONTRATO Nº 000/2022 CONTRATANTE: Município. CONTRATADA: empresa. OBJETO: aquisição de materiais conforme edital. VALOR: R$ 0,00 VIGÊNCIA: 12 meses. DATA DE ASSINATURA: junho de 2022. Estado do Paraná PORTARIA Nº 000/2022 O PREFEITO MUNICIPAL DE ALTO PARAISO, ESTADO DO PARANÁ, no uso de suas atribuições legais, RESOLVE: Art. 1º Conceder férias ao servidor público municipal, lotado na Secretaria Municipal de Administração, referente ao período aquisitivo, a partir da data, conforme processo administrativo. Art. 2º Esta portaria entra em vigor na data de sua publicação, revogadas as disposições em contrário. Gabinete do Prefeito Municipal. Publique-se e cumpra-se. EXTRATO DO CONTRATO Nº 000/2022 CONTRATANTE: Município. CONTRATADA: empresa. OBJETO: aquisição de materiais conforme edital. VALOR: R$ 0,00 VIGÊNCIA: 12 meses. DATA DE ASSINATURA: junho de 2022. Estado do Paraná PORTARIA Nº 000/2022 O PREFEITO MUNICIPAL DE ALTO PARAISO, ESTADO DO PARANÁ, no uso de suas atribuições legais, RESOLVE: Art. 1º Conceder férias ao servidor público municipal, lotado na Secretaria Municipal de Administração, referente ao período aquisitivo, a partir da data, conforme processo administrativo. Art. 2º Esta portaria entra em vigor na data de sua publicação, revogadas as disposições em contrário. Gabinete do Prefeito Municipal. Publique-se e cumpra-se. EXTRATO DO CONTRATO Nº 000/2022 CONTRATANTE: Município. CONTRATADA: empresa. OBJETO: aquisição de materiais conforme edital. VALOR: R$ 0,00 VIGÊNCIA: 12 meses. DATA DE ASSINATURA: junho de 2022. Estado do Paraná PORTARIA Nº 000/2022 O PREFEITO MUNICIPAL DE ALTO PARAISO, ESTADO DO PARANÁ, no uso de suas atribuições legais, RESOLVE: Art. 1º Conceder férias ao servidor público municipal, lotado na Secretaria Municipal de Administração, referente ao período aquisitivo, a partir da data, conforme processo administrativo. Art. 2º Esta portaria entra em vigor na data de sua publicação, revogadas as disposições em contrário. Gabinete do Prefeito Municipal. Publique-se e cumpra-se. EXTRATO DO CONTRATO Nº 000/2022 CONTRATANTE: Município. CONTRATADA: empresa. OBJETO: aquisição de materiais conforme edital. VALOR: R$ 0,00 VIGÊNCIA: 12 meses. DATA DE ASSINATURA: junho de 2022. Estado do Paraná PORTARIA Nº 000/2022 O PREFEITO MUNICIPAL DE ALTO PARAISO, ESTADO DO PARANÁ, no uso de suas atribuições legais, RESOLVE: Art. 1º Conceder férias ao servidor público municipal, lotado na Secretaria Municipal de Administração, referente ao período aquisitivo, a partir da data, conforme processo administrativo. Art. 2º Esta portaria entra em vigor na data de sua publicação, revogadas as disposições em contrário. Gabinete do Prefeito Municipal. Publique-se e cumpra-se. EXTRATO DO CONTRATO Nº 000/2022 CONTRATANTE: Município. CONTRATADA: empresa. OBJETO: aquisição de materiais conforme edital. VALOR: R$ 0,00 VIGÊNCIA: 12 meses. DATA DE ASSINATURA: junho de 2022. Estado do Paraná PORTARIA Nº 000/2022 O PREFEITO MUNICIPAL DE ALTO PARAISO, ESTADO DO PARANÁ, no uso de suas atribuições legais, RESOLVE: Art. 1º Conceder férias ao servidor público municipal, lotado na Secretaria Municipal de Administraç
